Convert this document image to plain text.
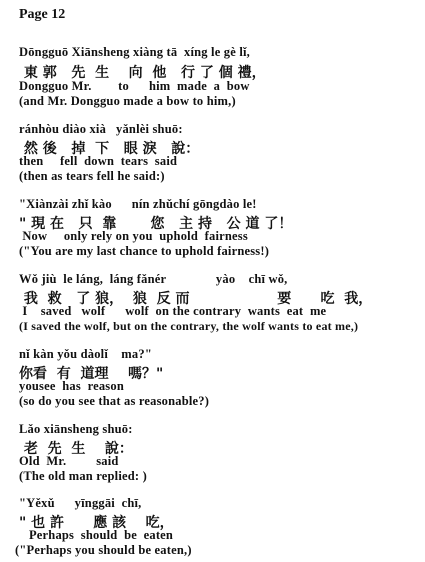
Page 12
Dōngguō Xiānsheng xiàng tā  xíng le gè lǐ,
東 郭   先  生    向  他   行 了 個 禮，
Dongguo Mr.        to      him  made  a  bow
(and Mr. Dongguo made a bow to him,)
ránhòu diào xià   yǎnlèi shuō:
然 後   掉  下   眼 淚   說：
then     fell  down  tears  said
(then as tears fell he said:)
"Xiànzài zhǐ kào      nín zhǔchí gōngdào le!
" 現 在   只  靠       您   主 持   公 道 了！
Now     only rely on you  uphold  fairness
("You are my last chance to uphold fairness!)
Wǒ jiù  le láng,  láng fǎnér               yào    chī wǒ,
我  救   了 狼，  狼  反 而                  要      吃  我，
I    saved   wolf      wolf  on the contrary  wants  eat  me
(I saved the wolf, but on the contrary, the wolf wants to eat me,)
nǐ kàn yǒu dàolǐ    ma?"
你看  有  道理    嗎？"
yousee  has  reason
(so do you see that as reasonable?)
Lǎo xiānsheng shuō:
老  先  生    說：
Old  Mr.         said
(The old man replied: )
"Yěxǔ      yīnggāi  chī,
" 也 許      應 該    吃，
Perhaps  should  be  eaten
("Perhaps you should be eaten,)
